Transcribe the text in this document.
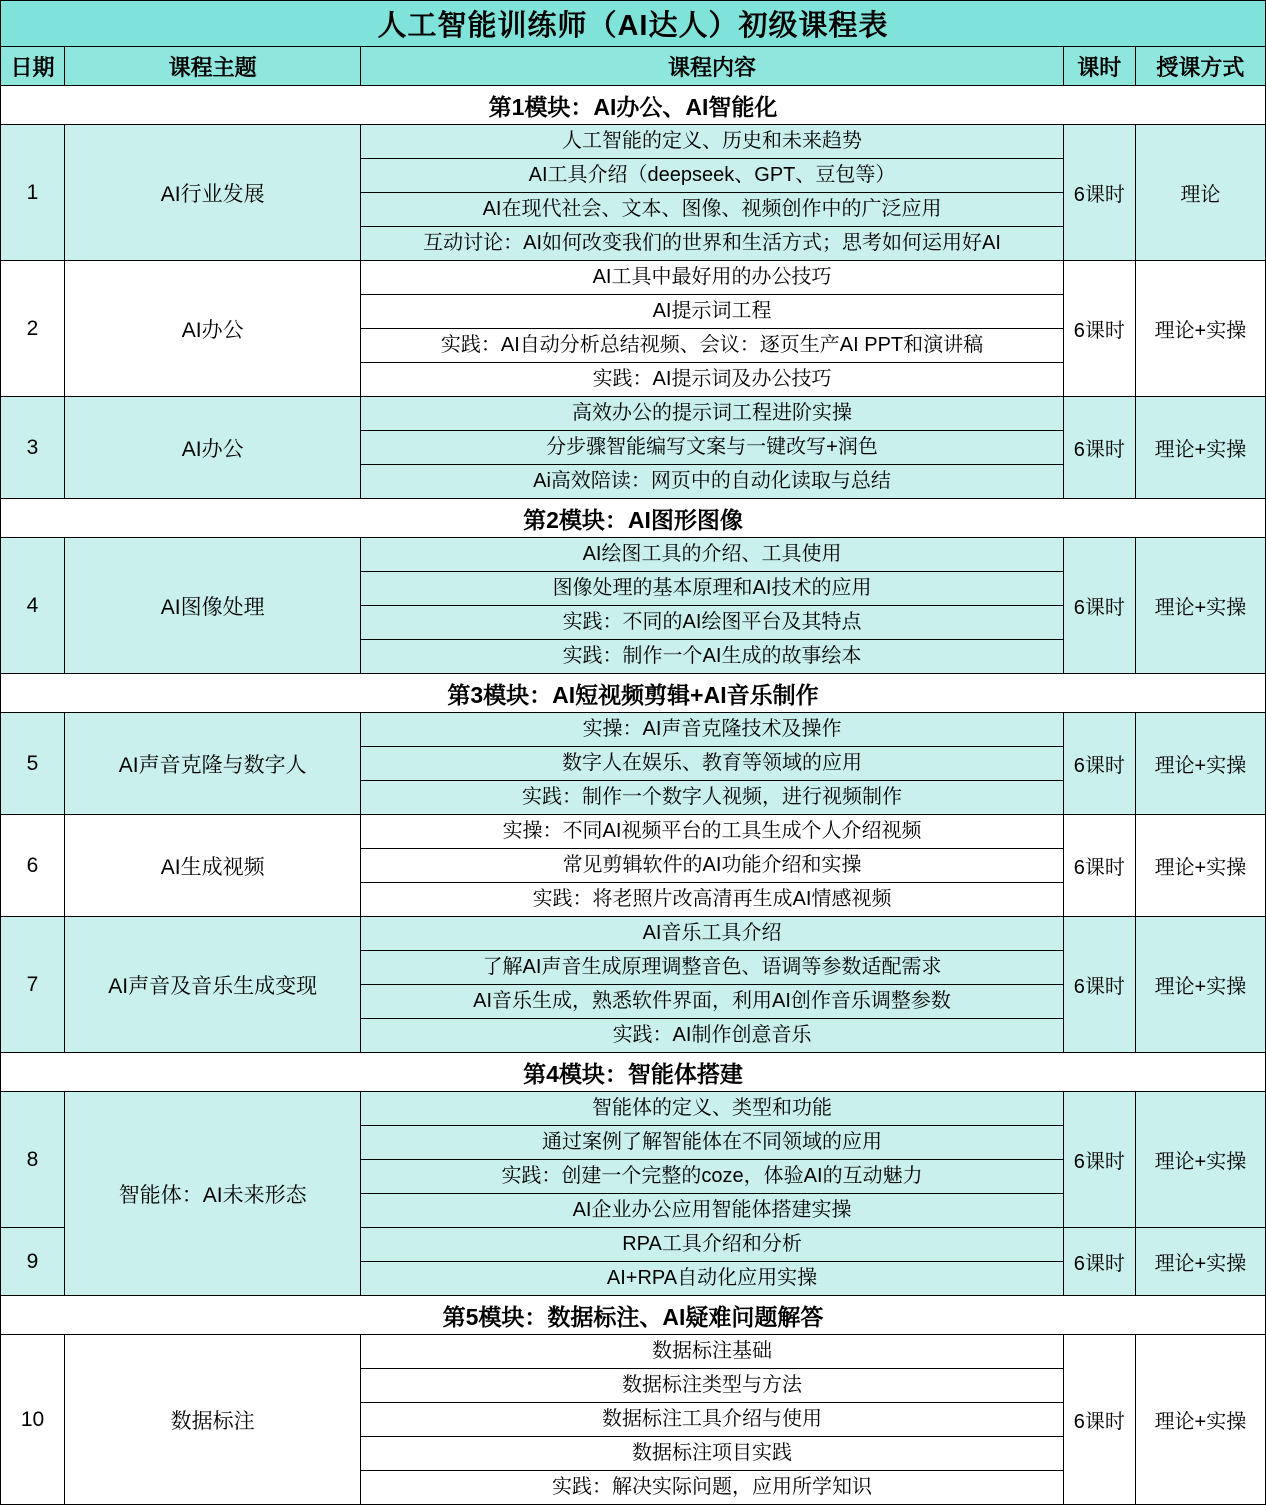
人工智能训练师（AI达人）初级课程表				
日期	课程主题	课程内容	课时	授课方式
第1模块：AI办公、AI智能化				
1	AI行业发展	人工智能的定义、历史和未来趋势
AI工具介绍（deepseek、GPT、豆包等）
AI在现代社会、文本、图像、视频创作中的广泛应用
互动讨论：AI如何改变我们的世界和生活方式；思考如何运用好AI	6课时	理论
2	AI办公	AI工具中最好用的办公技巧
AI提示词工程
实践：AI自动分析总结视频、会议：逐页生产AI PPT和演讲稿
实践：AI提示词及办公技巧	6课时	理论+实操
3	AI办公	高效办公的提示词工程进阶实操
分步骤智能编写文案与一键改写+润色
Ai高效陪读：网页中的自动化读取与总结	6课时	理论+实操
第2模块：AI图形图像				
4	AI图像处理	AI绘图工具的介绍、工具使用
图像处理的基本原理和AI技术的应用
实践：不同的AI绘图平台及其特点
实践：制作一个AI生成的故事绘本	6课时	理论+实操
第3模块：AI短视频剪辑+AI音乐制作				
5	AI声音克隆与数字人	实操：AI声音克隆技术及操作
数字人在娱乐、教育等领域的应用
实践：制作一个数字人视频，进行视频制作	6课时	理论+实操
6	AI生成视频	实操：不同AI视频平台的工具生成个人介绍视频
常见剪辑软件的AI功能介绍和实操
实践：将老照片改高清再生成AI情感视频	6课时	理论+实操
7	AI声音及音乐生成变现	AI音乐工具介绍
了解AI声音生成原理调整音色、语调等参数适配需求
AI音乐生成，熟悉软件界面，利用AI创作音乐调整参数
实践：AI制作创意音乐	6课时	理论+实操
第4模块：智能体搭建				
8	智能体：AI未来形态	智能体的定义、类型和功能
通过案例了解智能体在不同领域的应用
实践：创建一个完整的coze，体验AI的互动魅力
AI企业办公应用智能体搭建实操	6课时	理论+实操
9		RPA工具介绍和分析
AI+RPA自动化应用实操	6课时	理论+实操
第5模块：数据标注、AI疑难问题解答				
10	数据标注	数据标注基础
数据标注类型与方法
数据标注工具介绍与使用
数据标注项目实践
实践：解决实际问题，应用所学知识	6课时	理论+实操
